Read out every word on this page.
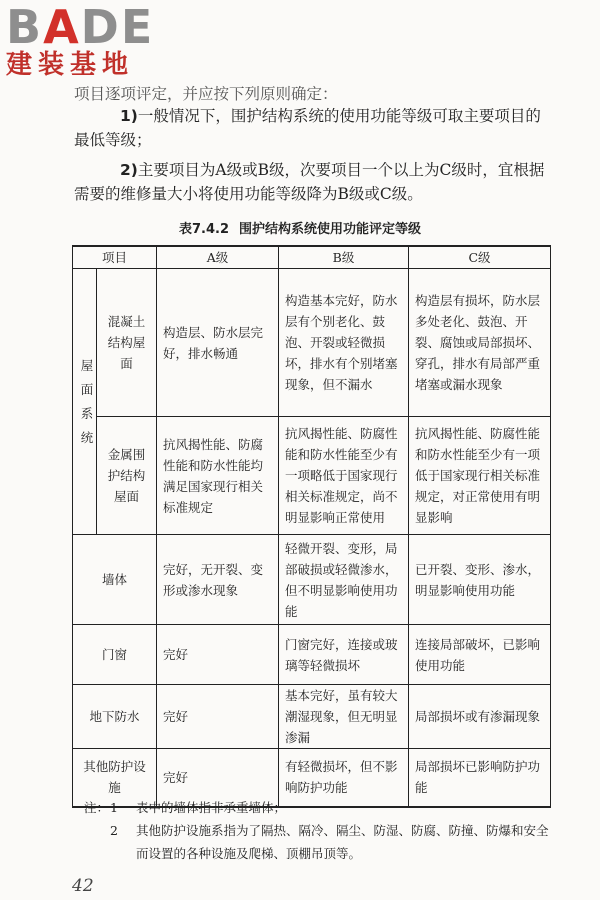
BADE
建装基地
项目逐项评定，并应按下列原则确定：
1)一般情况下，围护结构系统的使用功能等级可取主要项目的最低等级；
2)主要项目为A级或B级，次要项目一个以上为C级时，宜根据需要的维修量大小将使用功能等级降为B级或C级。
表7.4.2 围护结构系统使用功能评定等级
项目		A级	B级	C级

屋面系统	混凝土结构屋面	构造层、防水层完好，排水畅通	构造基本完好，防水层有个别老化、鼓泡、开裂或轻微损坏，排水有个别堵塞现象，但不漏水	构造层有损坏，防水层多处老化、鼓泡、开裂、腐蚀或局部损坏、穿孔，排水有局部严重堵塞或漏水现象
	金属围护结构屋面	抗风揭性能、防腐性能和防水性能均满足国家现行相关标准规定	抗风揭性能、防腐性能和防水性能至少有一项略低于国家现行相关标准规定，尚不明显影响正常使用	抗风揭性能、防腐性能和防水性能至少有一项低于国家现行相关标准规定，对正常使用有明显影响
墙体		完好，无开裂、变形或渗水现象	轻微开裂、变形，局部破损或轻微渗水，但不明显影响使用功能	已开裂、变形、渗水，明显影响使用功能
门窗		完好	门窗完好，连接或玻璃等轻微损坏	连接局部破坏，已影响使用功能
地下防水		完好	基本完好，虽有较大潮湿现象，但无明显渗漏	局部损坏或有渗漏现象
其他防护设施		完好	有轻微损坏，但不影响防护功能	局部损坏已影响防护功能
注： 1 表中的墙体指非承重墙体；
2 其他防护设施系指为了隔热、隔冷、隔尘、防湿、防腐、防撞、防爆和安全而设置的各种设施及爬梯、顶棚吊顶等。
42
